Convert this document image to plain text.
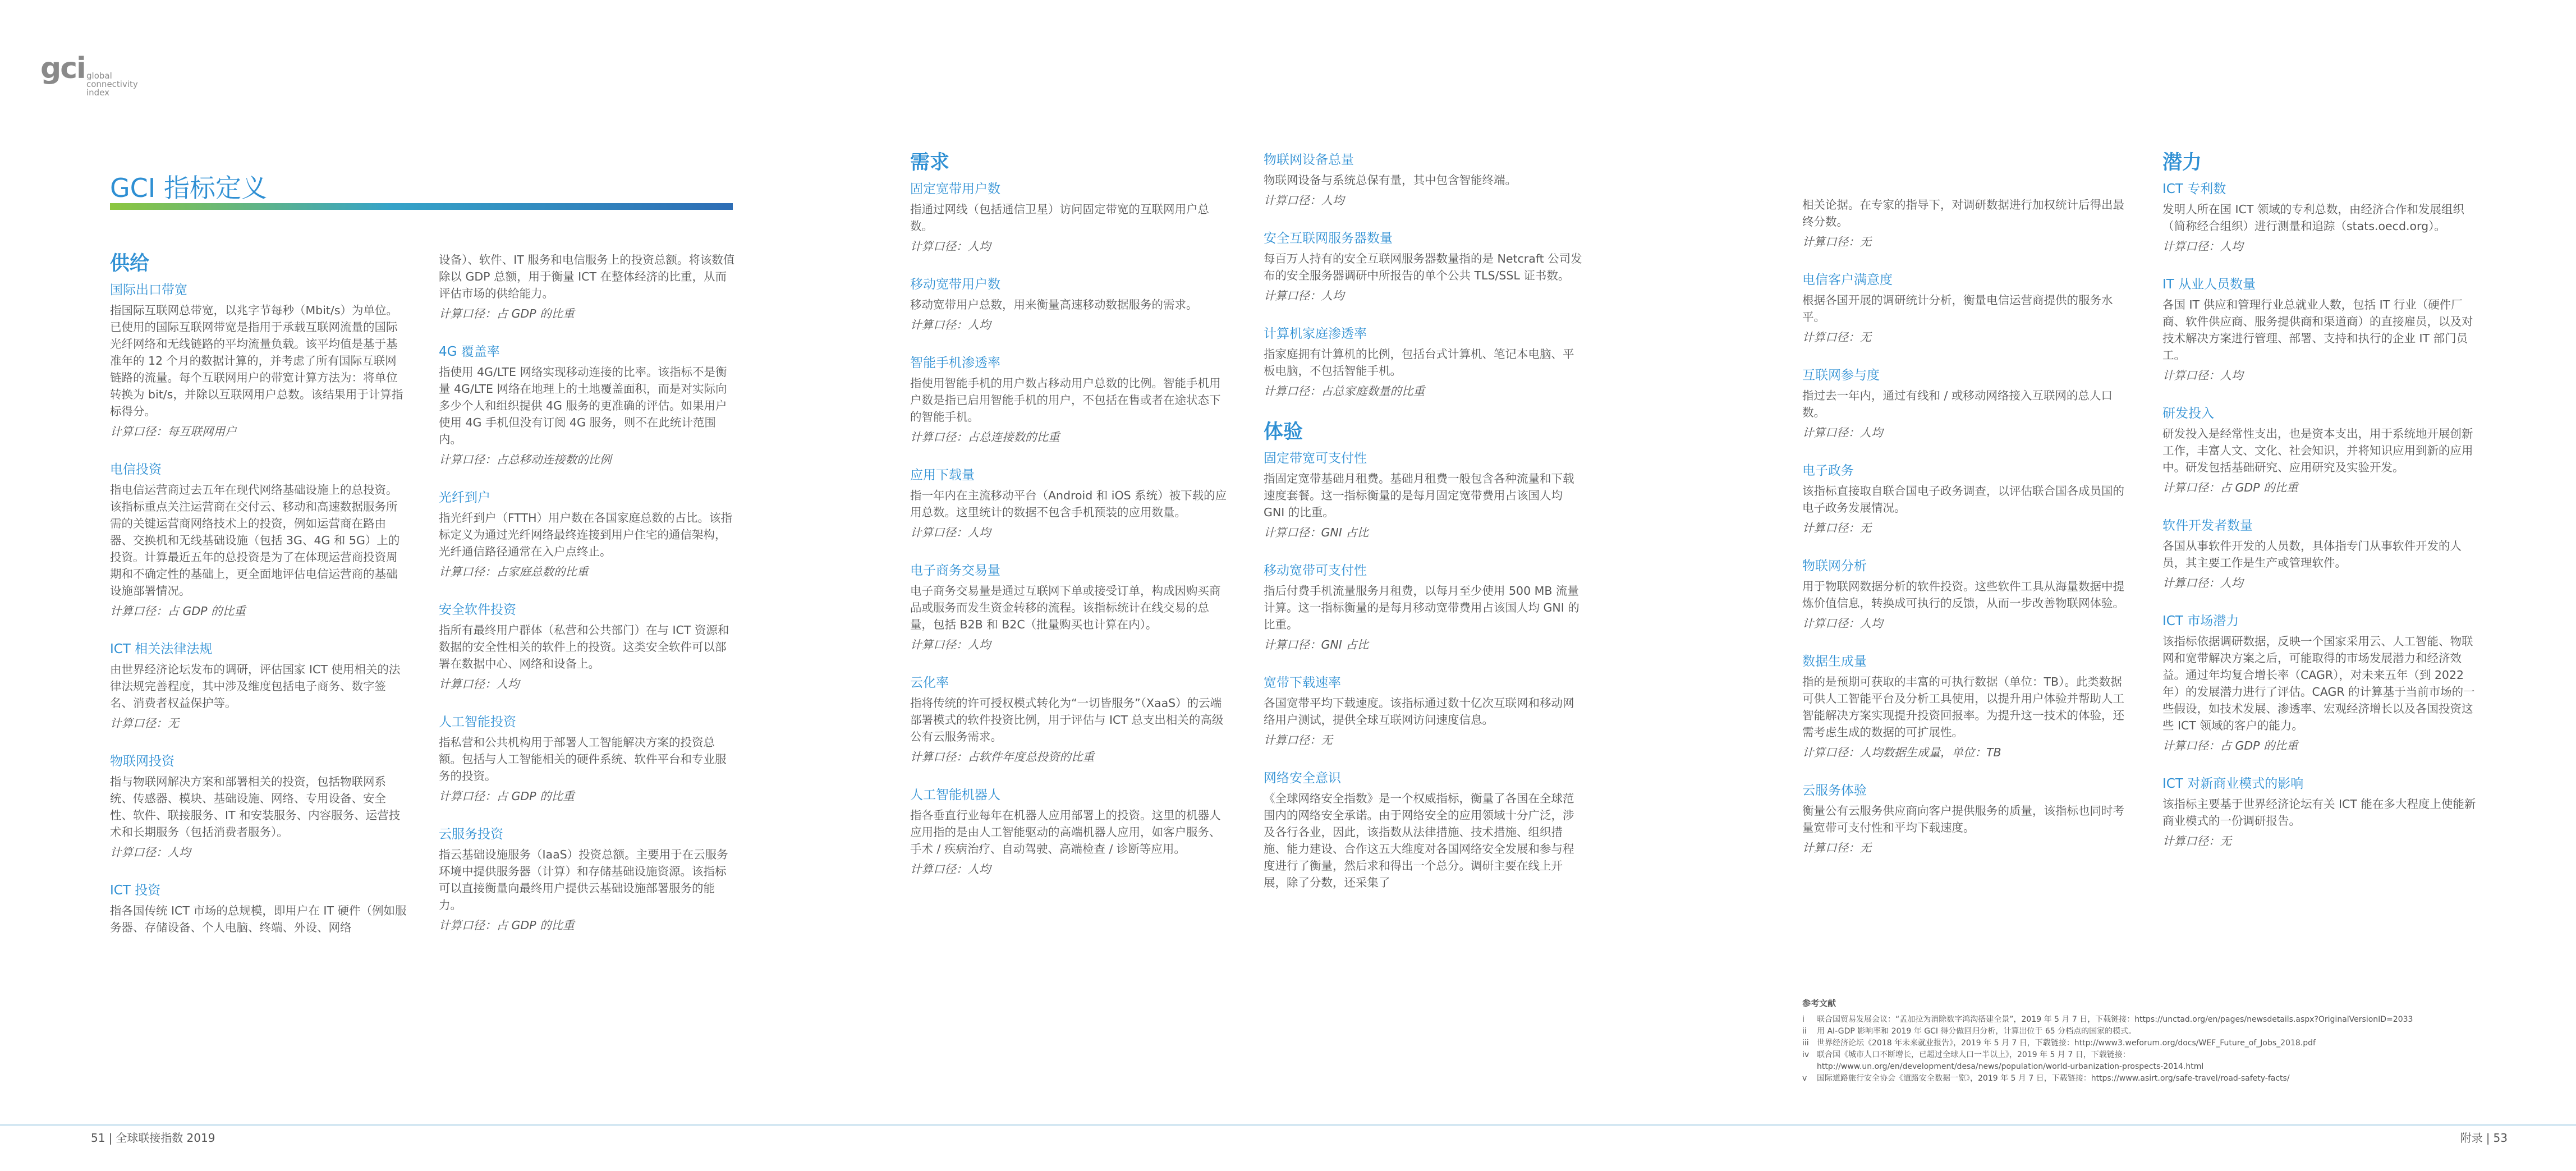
gci global
connectivity
index
GCI 指标定义
供给
国际出口带宽
指国际互联网总带宽，以兆字节每秒（Mbit/s）为单位。已使用的国际互联网带宽是指用于承载互联网流量的国际光纤网络和无线链路的平均流量负载。该平均值是基于基准年的 12 个月的数据计算的，并考虑了所有国际互联网链路的流量。每个互联网用户的带宽计算方法为：将单位转换为 bit/s，并除以互联网用户总数。该结果用于计算指标得分。
计算口径：每互联网用户
电信投资
指电信运营商过去五年在现代网络基础设施上的总投资。该指标重点关注运营商在交付云、移动和高速数据服务所需的关键运营商网络技术上的投资，例如运营商在路由器、交换机和无线基础设施（包括 3G、4G 和 5G）上的投资。计算最近五年的总投资是为了在体现运营商投资周期和不确定性的基础上，更全面地评估电信运营商的基础设施部署情况。
计算口径：占 GDP 的比重
ICT 相关法律法规
由世界经济论坛发布的调研，评估国家 ICT 使用相关的法律法规完善程度，其中涉及维度包括电子商务、数字签名、消费者权益保护等。
计算口径：无
物联网投资
指与物联网解决方案和部署相关的投资，包括物联网系统、传感器、模块、基础设施、网络、专用设备、安全性、软件、联接服务、IT 和安装服务、内容服务、运营技术和长期服务（包括消费者服务）。
计算口径：人均
ICT 投资
指各国传统 ICT 市场的总规模，即用户在 IT 硬件（例如服务器、存储设备、个人电脑、终端、外设、网络
设备）、软件、IT 服务和电信服务上的投资总额。将该数值除以 GDP 总额，用于衡量 ICT 在整体经济的比重，从而评估市场的供给能力。
计算口径：占 GDP 的比重
4G 覆盖率
指使用 4G/LTE 网络实现移动连接的比率。该指标不是衡量 4G/LTE 网络在地理上的土地覆盖面积，而是对实际向多少个人和组织提供 4G 服务的更准确的评估。如果用户使用 4G 手机但没有订阅 4G 服务，则不在此统计范围内。
计算口径：占总移动连接数的比例
光纤到户
指光纤到户（FTTH）用户数在各国家庭总数的占比。该指标定义为通过光纤网络最终连接到用户住宅的通信架构，光纤通信路径通常在入户点终止。
计算口径：占家庭总数的比重
安全软件投资
指所有最终用户群体（私营和公共部门）在与 ICT 资源和数据的安全性相关的软件上的投资。这类安全软件可以部署在数据中心、网络和设备上。
计算口径：人均
人工智能投资
指私营和公共机构用于部署人工智能解决方案的投资总额。包括与人工智能相关的硬件系统、软件平台和专业服务的投资。
计算口径：占 GDP 的比重
云服务投资
指云基础设施服务（IaaS）投资总额。主要用于在云服务环境中提供服务器（计算）和存储基础设施资源。该指标可以直接衡量向最终用户提供云基础设施部署服务的能力。
计算口径：占 GDP 的比重
需求
固定宽带用户数
指通过网线（包括通信卫星）访问固定带宽的互联网用户总数。
计算口径：人均
移动宽带用户数
移动宽带用户总数，用来衡量高速移动数据服务的需求。
计算口径：人均
智能手机渗透率
指使用智能手机的用户数占移动用户总数的比例。智能手机用户数是指已启用智能手机的用户，不包括在售或者在途状态下的智能手机。
计算口径：占总连接数的比重
应用下载量
指一年内在主流移动平台（Android 和 iOS 系统）被下载的应用总数。这里统计的数据不包含手机预装的应用数量。
计算口径：人均
电子商务交易量
电子商务交易量是通过互联网下单或接受订单，构成因购买商品或服务而发生资金转移的流程。该指标统计在线交易的总量，包括 B2B 和 B2C（批量购买也计算在内）。
计算口径：人均
云化率
指将传统的许可授权模式转化为“一切皆服务”（XaaS）的云端部署模式的软件投资比例，用于评估与 ICT 总支出相关的高级公有云服务需求。
计算口径：占软件年度总投资的比重
人工智能机器人
指各垂直行业每年在机器人应用部署上的投资。这里的机器人应用指的是由人工智能驱动的高端机器人应用，如客户服务、手术 / 疾病治疗、自动驾驶、高端检查 / 诊断等应用。
计算口径：人均
物联网设备总量
物联网设备与系统总保有量，其中包含智能终端。
计算口径：人均
安全互联网服务器数量
每百万人持有的安全互联网服务器数量指的是 Netcraft 公司发布的安全服务器调研中所报告的单个公共 TLS/SSL 证书数。
计算口径：人均
计算机家庭渗透率
指家庭拥有计算机的比例，包括台式计算机、笔记本电脑、平板电脑，不包括智能手机。
计算口径：占总家庭数量的比重
体验
固定带宽可支付性
指固定宽带基础月租费。基础月租费一般包含各种流量和下载速度套餐。这一指标衡量的是每月固定宽带费用占该国人均 GNI 的比重。
计算口径：GNI 占比
移动宽带可支付性
指后付费手机流量服务月租费，以每月至少使用 500 MB 流量计算。这一指标衡量的是每月移动宽带费用占该国人均 GNI 的比重。
计算口径：GNI 占比
宽带下载速率
各国宽带平均下载速度。该指标通过数十亿次互联网和移动网络用户测试，提供全球互联网访问速度信息。
计算口径：无
网络安全意识
《全球网络安全指数》是一个权威指标，衡量了各国在全球范围内的网络安全承诺。由于网络安全的应用领域十分广泛，涉及各行各业，因此，该指数从法律措施、技术措施、组织措施、能力建设、合作这五大维度对各国网络安全发展和参与程度进行了衡量，然后求和得出一个总分。调研主要在线上开展，除了分数，还采集了
相关论据。在专家的指导下，对调研数据进行加权统计后得出最终分数。
计算口径：无
电信客户满意度
根据各国开展的调研统计分析，衡量电信运营商提供的服务水平。
计算口径：无
互联网参与度
指过去一年内，通过有线和 / 或移动网络接入互联网的总人口数。
计算口径：人均
电子政务
该指标直接取自联合国电子政务调查，以评估联合国各成员国的电子政务发展情况。
计算口径：无
物联网分析
用于物联网数据分析的软件投资。这些软件工具从海量数据中提炼价值信息，转换成可执行的反馈，从而一步改善物联网体验。
计算口径：人均
数据生成量
指的是预期可获取的丰富的可执行数据（单位：TB）。此类数据可供人工智能平台及分析工具使用，以提升用户体验并帮助人工智能解决方案实现提升投资回报率。为提升这一技术的体验，还需考虑生成的数据的可扩展性。
计算口径：人均数据生成量，单位：TB
云服务体验
衡量公有云服务供应商向客户提供服务的质量，该指标也同时考量宽带可支付性和平均下载速度。
计算口径：无
潜力
ICT 专利数
发明人所在国 ICT 领域的专利总数，由经济合作和发展组织（简称经合组织）进行测量和追踪（stats.oecd.org）。
计算口径：人均
IT 从业人员数量
各国 IT 供应和管理行业总就业人数，包括 IT 行业（硬件厂商、软件供应商、服务提供商和渠道商）的直接雇员，以及对技术解决方案进行管理、部署、支持和执行的企业 IT 部门员工。
计算口径：人均
研发投入
研发投入是经常性支出，也是资本支出，用于系统地开展创新工作，丰富人文、文化、社会知识，并将知识应用到新的应用中。研发包括基础研究、应用研究及实验开发。
计算口径：占 GDP 的比重
软件开发者数量
各国从事软件开发的人员数，具体指专门从事软件开发的人员，其主要工作是生产或管理软件。
计算口径：人均
ICT 市场潜力
该指标依据调研数据，反映一个国家采用云、人工智能、物联网和宽带解决方案之后，可能取得的市场发展潜力和经济效益。通过年均复合增长率（CAGR），对未来五年（到 2022 年）的发展潜力进行了评估。CAGR 的计算基于当前市场的一些假设，如技术发展、渗透率、宏观经济增长以及各国投资这些 ICT 领域的客户的能力。
计算口径：占 GDP 的比重
ICT 对新商业模式的影响
该指标主要基于世界经济论坛有关 ICT 能在多大程度上使能新商业模式的一份调研报告。
计算口径：无
参考文献
i	联合国贸易发展会议：“孟加拉为消除数字鸿沟搭建全景”，2019 年 5 月 7 日，下载链接：https://unctad.org/en/pages/newsdetails.aspx?OriginalVersionID=2033
ii	用 AI-GDP 影响率和 2019 年 GCI 得分做回归分析，计算出位于 65 分档点的国家的模式。
iii	世界经济论坛《2018 年未来就业报告》，2019 年 5 月 7 日，下载链接：http://www3.weforum.org/docs/WEF_Future_of_Jobs_2018.pdf
iv 联合国《城市人口不断增长，已超过全球人口一半以上》，2019 年 5 月 7 日，下载链接：
http://www.un.org/en/development/desa/news/population/world-urbanization-prospects-2014.html
v	国际道路旅行安全协会《道路安全数据一览》，2019 年 5 月 7 日，下载链接：https://www.asirt.org/safe-travel/road-safety-facts/
51 | 全球联接指数 2019	附录 | 53
